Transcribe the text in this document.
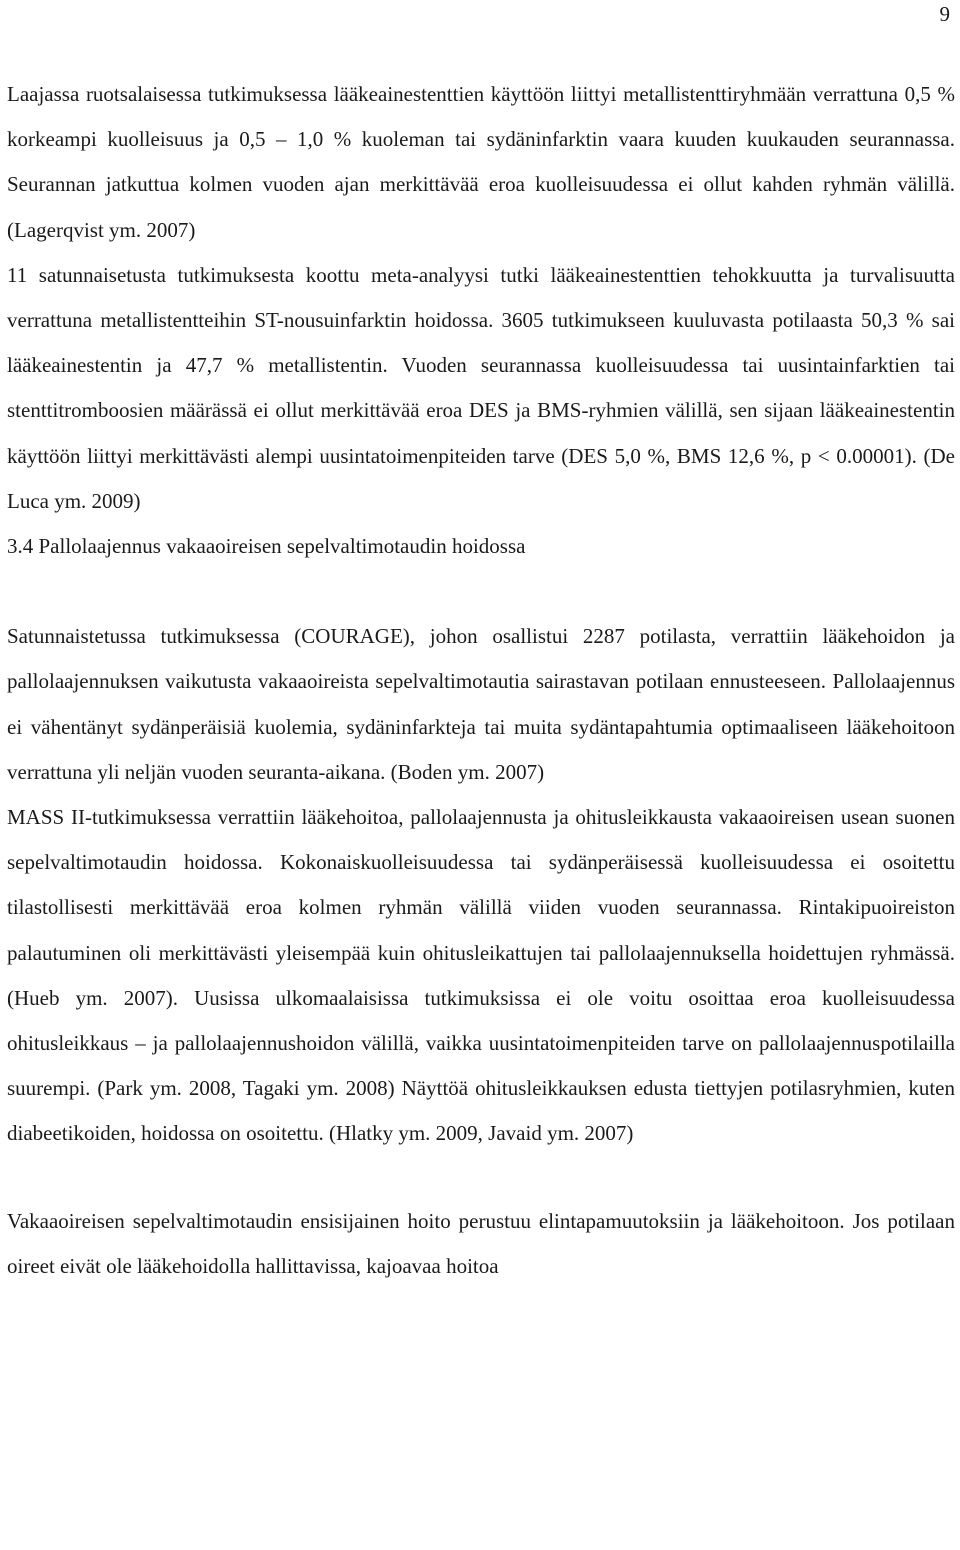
9

Laajassa ruotsalaisessa tutkimuksessa lääkeainestenttien käyttöön liittyi metallistenttiryhmään verrattuna 0,5 % korkeampi kuolleisuus ja 0,5 – 1,0 % kuoleman tai sydäninfarktin vaara kuuden kuukauden seurannassa. Seurannan jatkuttua kolmen vuoden ajan merkittävää eroa kuolleisuudessa ei ollut kahden ryhmän välillä. (Lagerqvist ym. 2007)

11 satunnaisetusta tutkimuksesta koottu meta-analyysi tutki lääkeainestenttien tehokkuutta ja turvalisuutta verrattuna metallistentteihin ST-nousuinfarktin hoidossa. 3605 tutkimukseen kuuluvasta potilaasta 50,3 % sai lääkeainestentin ja 47,7 % metallistentin. Vuoden seurannassa kuolleisuudessa tai uusintainfarktien tai stenttitromboosien määrässä ei ollut merkittävää eroa DES ja BMS-ryhmien välillä, sen sijaan lääkeainestentin käyttöön liittyi merkittävästi alempi uusintatoimenpiteiden tarve (DES 5,0 %, BMS 12,6 %, p < 0.00001). (De Luca ym. 2009)

3.4 Pallolaajennus vakaaoireisen sepelvaltimotaudin hoidossa

Satunnaistetussa tutkimuksessa (COURAGE), johon osallistui 2287 potilasta, verrattiin lääkehoidon ja pallolaajennuksen vaikutusta vakaaoireista sepelvaltimotautia sairastavan potilaan ennusteeseen. Pallolaajennus ei vähentänyt sydänperäisiä kuolemia, sydäninfarkteja tai muita sydäntapahtumia optimaaliseen lääkehoitoon verrattuna yli neljän vuoden seuranta-aikana. (Boden ym. 2007)

MASS II-tutkimuksessa verrattiin lääkehoitoa, pallolaajennusta ja ohitusleikkausta vakaaoireisen usean suonen sepelvaltimotaudin hoidossa. Kokonaiskuolleisuudessa tai sydänperäisessä kuolleisuudessa ei osoitettu tilastollisesti merkittävää eroa kolmen ryhmän välillä viiden vuoden seurannassa. Rintakipuoireiston palautuminen oli merkittävästi yleisempää kuin ohitusleikattujen tai pallolaajennuksella hoidettujen ryhmässä. (Hueb ym. 2007). Uusissa ulkomaalaisissa tutkimuksissa ei ole voitu osoittaa eroa kuolleisuudessa ohitusleikkaus – ja pallolaajennushoidon välillä, vaikka uusintatoimenpiteiden tarve on pallolaajennuspotilailla suurempi. (Park ym. 2008, Tagaki ym. 2008) Näyttöä ohitusleikkauksen edusta tiettyjen potilasryhmien, kuten diabeetikoiden, hoidossa on osoitettu. (Hlatky ym. 2009, Javaid ym. 2007)

Vakaaoireisen sepelvaltimotaudin ensisijainen hoito perustuu elintapamuutoksiin ja lääkehoitoon. Jos potilaan oireet eivät ole lääkehoidolla hallittavissa, kajoavaa hoitoa
